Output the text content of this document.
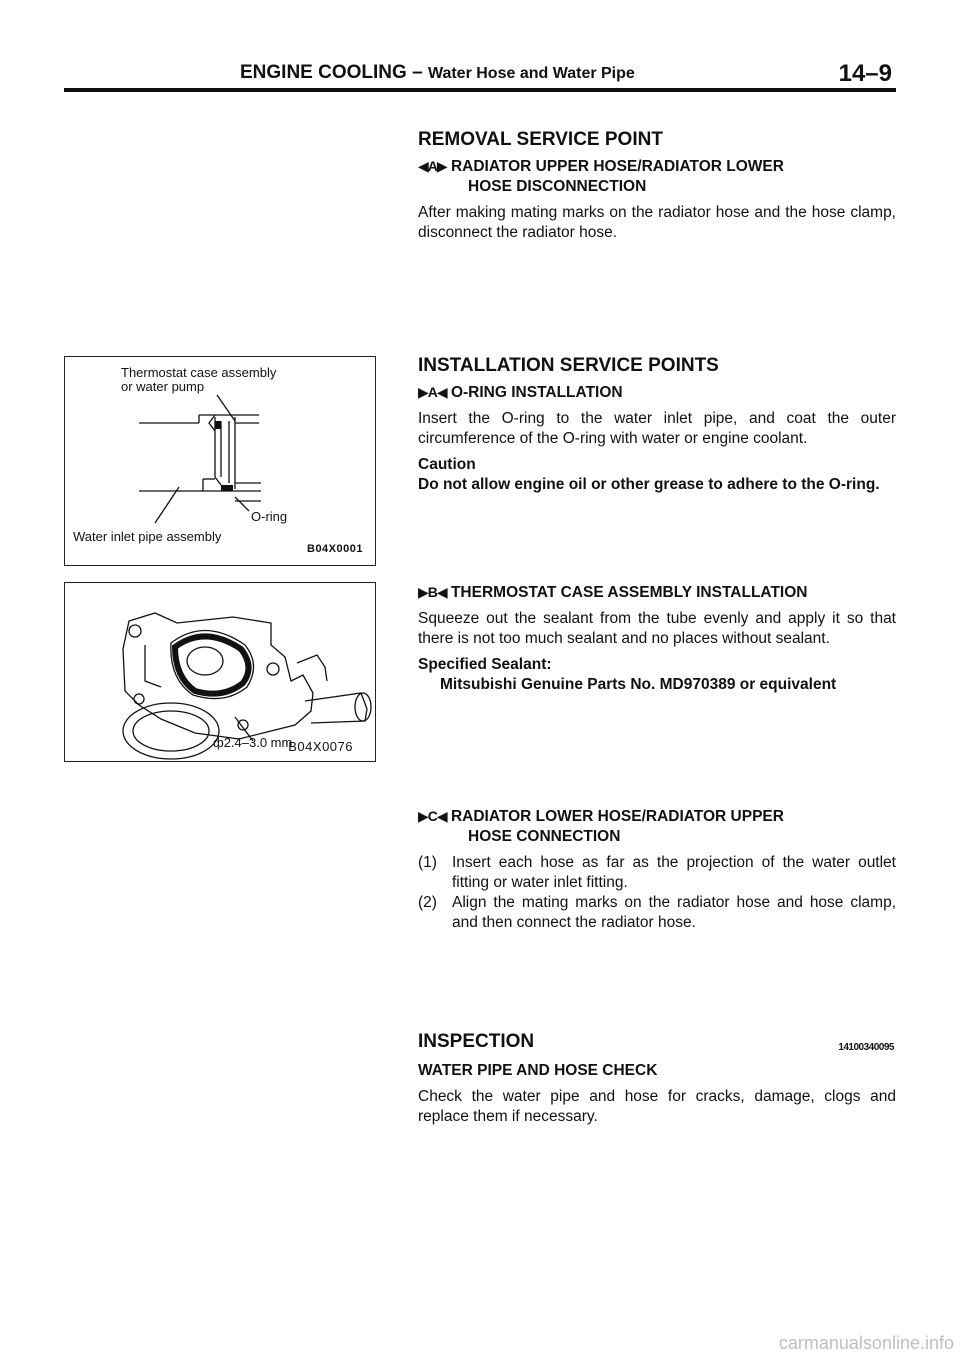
ENGINE COOLING – Water Hose and Water Pipe	14–9
REMOVAL SERVICE POINT
◀A▶ RADIATOR UPPER HOSE/RADIATOR LOWER
HOSE DISCONNECTION

After making mating marks on the radiator hose and the hose clamp, disconnect the radiator hose.

INSTALLATION SERVICE POINTS
▶A◀ O-RING INSTALLATION

Insert the O-ring to the water inlet pipe, and coat the outer circumference of the O-ring with water or engine coolant.

Caution

Do not allow engine oil or other grease to adhere to the O-ring.

▶B◀ THERMOSTAT CASE ASSEMBLY INSTALLATION

Squeeze out the sealant from the tube evenly and apply it so that there is not too much sealant and no places without sealant.

Specified Sealant:

Mitsubishi Genuine Parts No. MD970389 or equivalent

▶C◀ RADIATOR LOWER HOSE/RADIATOR UPPER
HOSE CONNECTION
(1) Insert each hose as far as the projection of the water outlet fitting or water inlet fitting.

(2) Align the mating marks on the radiator hose and hose clamp, and then connect the radiator hose.

INSPECTION	14100340095
WATER PIPE AND HOSE CHECK

Check the water pipe and hose for cracks, damage, clogs and replace them if necessary.

Thermostat case assembly
or water pump
O-ring
Water inlet pipe assembly
B04X0001
ф2.4–3.0 mm
B04X0076
carmanualsonline.info
